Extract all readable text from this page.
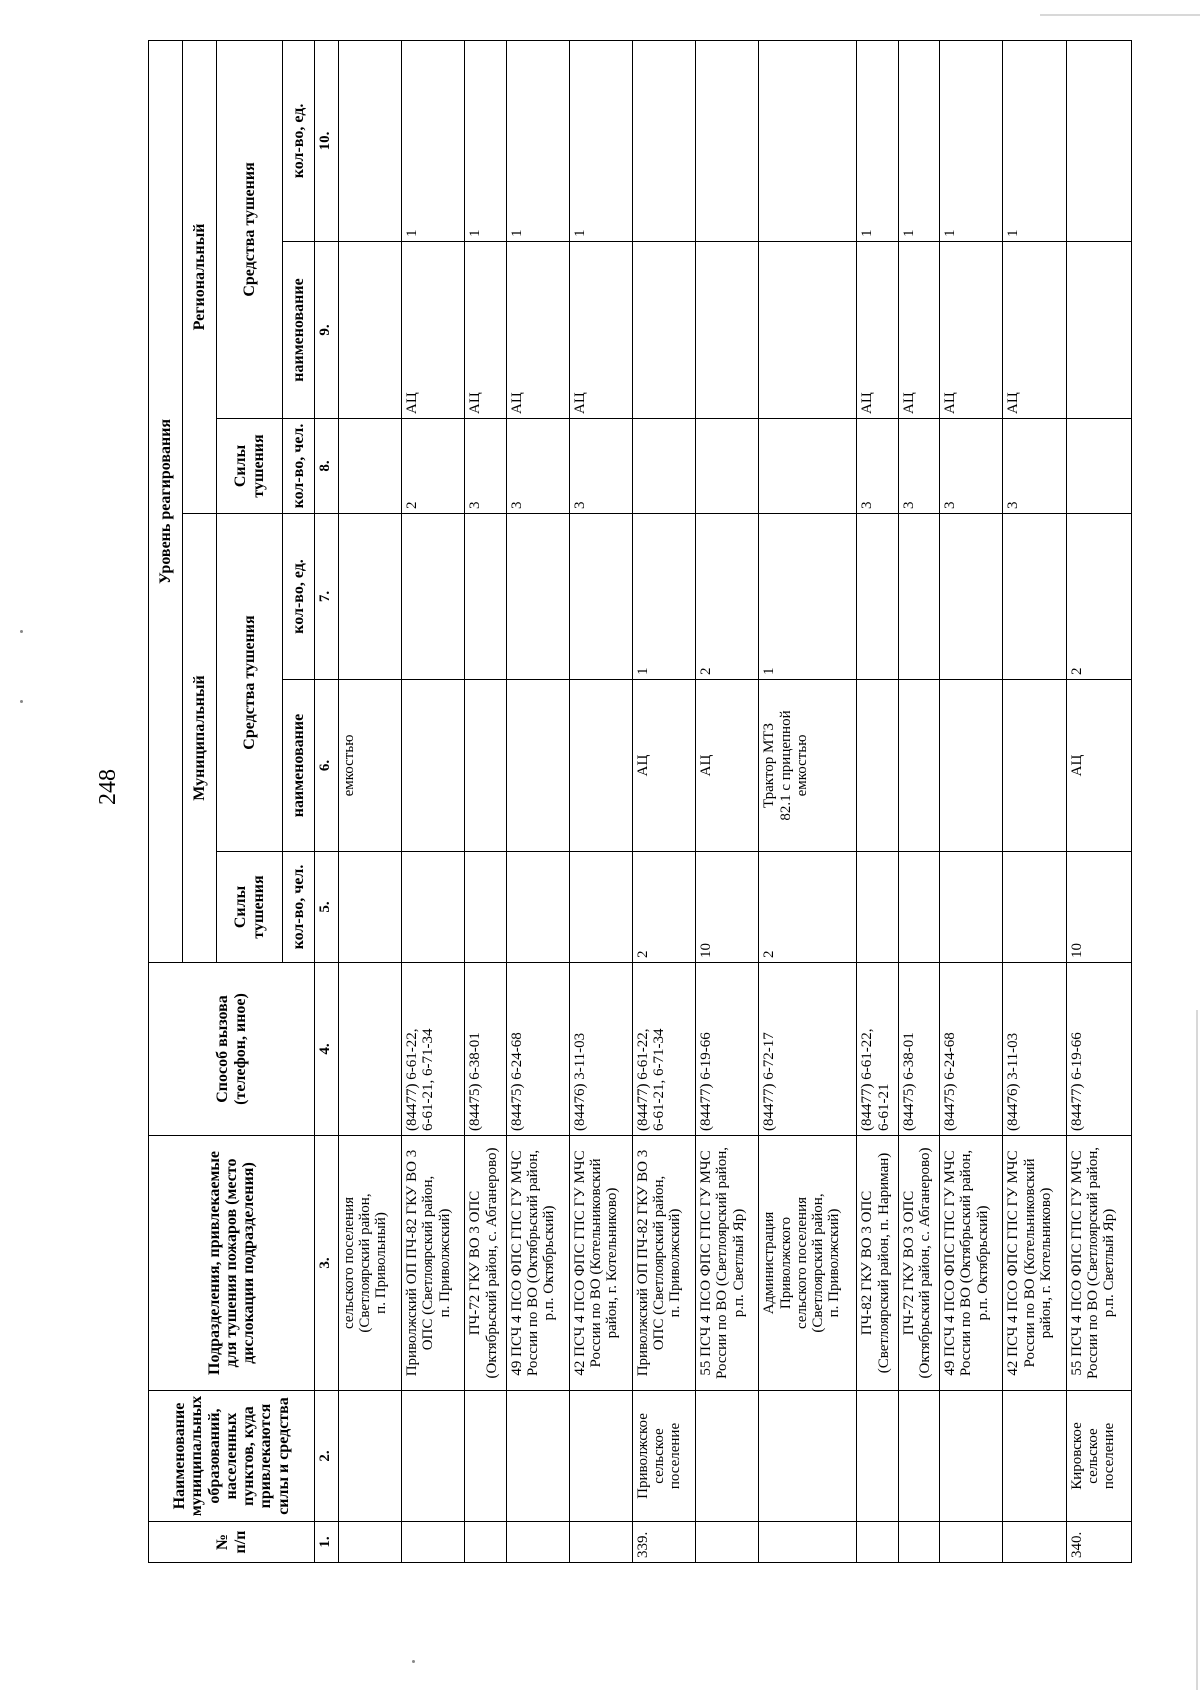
248
№
п/п	Наименование муниципальных образований, населенных пунктов, куда привлекаются силы и средства	Подразделения, привлекаемые для тушения пожаров (место дислокации подразделения)	Способ вызова (телефон, иное)	Уровень реагирования					
				Муниципальный			Региональный		
				Силы тушения	Средства тушения		Силы тушения	Средства тушения	
				кол-во, чел.	наименование	кол-во, ед.	кол-во, чел.	наименование	кол-во, ед.
1.	2.	3.	4.	5.	6.	7.	8.	9.	10.
		сельского поселения
(Светлоярский район,
п. Привольный)			емкостью				
		Приволжский ОП ПЧ-82 ГКУ ВО 3
ОПС (Светлоярский район,
п. Приволжский)	(84477) 6-61-22,
6-61-21, 6-71-34				2	АЦ	1
		ПЧ-72 ГКУ ВО 3 ОПС
(Октябрьский район, с. Абганерово)	(84475) 6-38-01				3	АЦ	1
		49 ПСЧ 4 ПСО ФПС ГПС ГУ МЧС
России по ВО (Октябрьский район,
р.п. Октябрьский)	(84475) 6-24-68				3	АЦ	1
		42 ПСЧ 4 ПСО ФПС ГПС ГУ МЧС
России по ВО (Котельниковский
район, г. Котельниково)	(84476) 3-11-03				3	АЦ	1
339.	Приволжское
сельское поселение	Приволжский ОП ПЧ-82 ГКУ ВО 3
ОПС (Светлоярский район,
п. Приволжский)	(84477) 6-61-22,
6-61-21, 6-71-34	2	АЦ	1			
		55 ПСЧ 4 ПСО ФПС ГПС ГУ МЧС
России по ВО (Светлоярский район,
р.п. Светлый Яр)	(84477) 6-19-66	10	АЦ	2			
		Администрация
Приволжского
сельского поселения
(Светлоярский район,
п. Приволжский)	(84477) 6-72-17	2	Трактор МТЗ
82.1 с прицепной
емкостью	1			
		ПЧ-82 ГКУ ВО 3 ОПС
(Светлоярский район, п. Нариман)	(84477) 6-61-22,
6-61-21				3	АЦ	1
		ПЧ-72 ГКУ ВО 3 ОПС
(Октябрьский район, с. Абганерово)	(84475) 6-38-01				3	АЦ	1
		49 ПСЧ 4 ПСО ФПС ГПС ГУ МЧС
России по ВО (Октябрьский район,
р.п. Октябрьский)	(84475) 6-24-68				3	АЦ	1
		42 ПСЧ 4 ПСО ФПС ГПС ГУ МЧС
России по ВО (Котельниковский
район, г. Котельниково)	(84476) 3-11-03				3	АЦ	1
340.	Кировское
сельское поселение	55 ПСЧ 4 ПСО ФПС ГПС ГУ МЧС
России по ВО (Светлоярский район,
р.п. Светлый Яр)	(84477) 6-19-66	10	АЦ	2			
